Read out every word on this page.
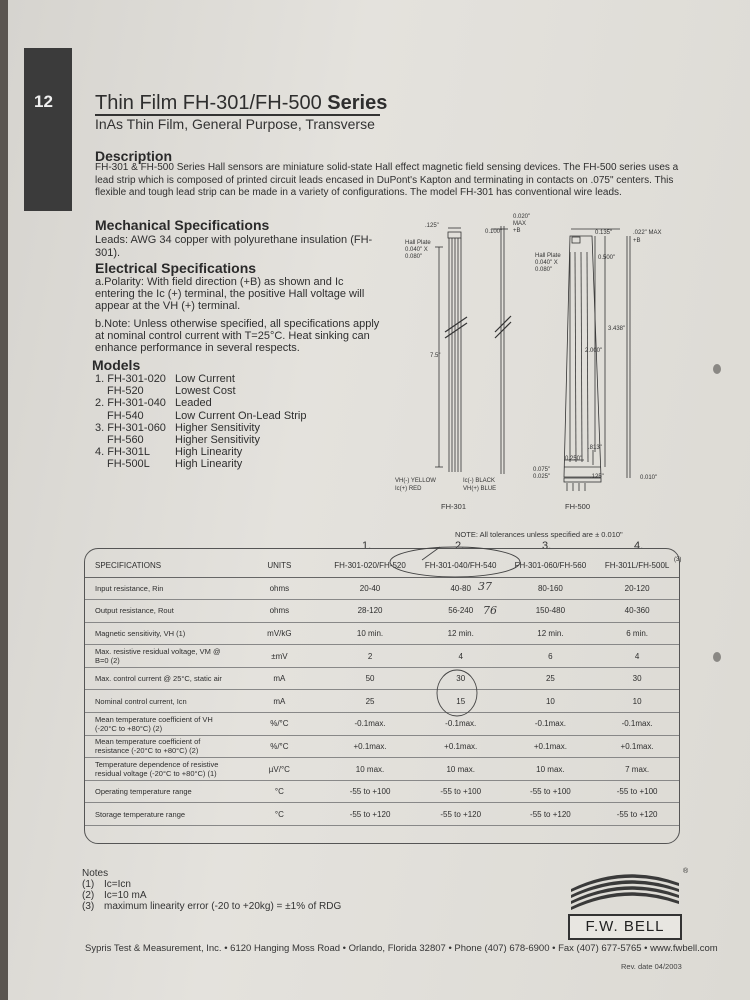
12 Thin Film FH-301/FH-500 Series
InAs Thin Film, General Purpose, Transverse
Description
FH-301 & FH-500 Series Hall sensors are miniature solid-state Hall effect magnetic field sensing devices. The FH-500 series uses a lead strip which is composed of printed circuit leads encased in DuPont's Kapton and terminating in contacts on .075" centers. This flexible and tough lead strip can be made in a variety of configurations. The model FH-301 has conventional wire leads.
Mechanical Specifications
Leads: AWG 34 copper with polyurethane insulation (FH-301).
Electrical Specifications
a.Polarity: With field direction (+B) as shown and Ic entering the Ic (+) terminal, the positive Hall voltage will appear at the VH (+) terminal.
b.Note: Unless otherwise specified, all specifications apply at nominal control current with T=25°C. Heat sinking can enhance performance in several respects.
Models
1. FH-301-020 Low Current
FH-520	Lowest Cost
2. FH-301-040 Leaded
FH-540	Low Current On-Lead Strip
3. FH-301-060 Higher Sensitivity
FH-560	Higher Sensitivity
4. FH-301L	High Linearity
FH-500L	High Linearity
.125"
0.020"
MAX
+B
0.100"
Hall Plate
0.040" X
0.080"
7.5"
VH(-) YELLOW
Ic(+) RED
Ic(-) BLACK
VH(+) BLUE
FH-301
0.135"	.022" MAX
+B
Hall Plate
0.040" X
0.080"
0.500"
3.438"
2.000"
.813"
0.250"
0.075"
0.025"	.125"	0.010"
FH-500
NOTE: All tolerances unless specified are ± 0.010"
1.	2.	3.	4.
SPECIFICATIONS	UNITS	FH-301-020/FH-520	FH-301-040/FH-540	FH-301-060/FH-560	FH-301L/FH-500L
Input resistance, Rin	ohms	20-40	40-80	80-160	20-120
Output resistance, Rout	ohms	28-120	56-240	150-480	40-360
Magnetic sensitivity, VH (1)	mV/kG	10 min.	12 min.	12 min.	6 min.
Max. resistive residual voltage, VM @ B=0 (2)	±mV	2	4	6	4
Max. control current @ 25°C, static air	mA	50	30	25	30
Nominal control current, Icn	mA	25	15	10	10
Mean temperature coefficient of VH (-20°C to +80°C) (2)	%/°C	-0.1max.	-0.1max.	-0.1max.	-0.1max.
Mean temperature coefficient of resistance (-20°C to +80°C) (2)	%/°C	+0.1max.	+0.1max.	+0.1max.	+0.1max.
Temperature dependence of resistive residual voltage (-20°C to +80°C) (1)	µV/°C	10 max.	10 max.	10 max.	7 max.
Operating temperature range	°C	-55 to +100	-55 to +100	-55 to +100	-55 to +100
Storage temperature range	°C	-55 to +120	-55 to +120	-55 to +120	-55 to +120

(3)
37
76
Notes
(1) Ic=Icn
(2) Ic=10 mA
(3) maximum linearity error (-20 to +20kg) = ±1% of RDG
F.W. BELL
®
Sypris Test & Measurement, Inc. • 6120 Hanging Moss Road • Orlando, Florida 32807 • Phone (407) 678-6900 • Fax (407) 677-5765 • www.fwbell.com
Rev. date 04/2003
